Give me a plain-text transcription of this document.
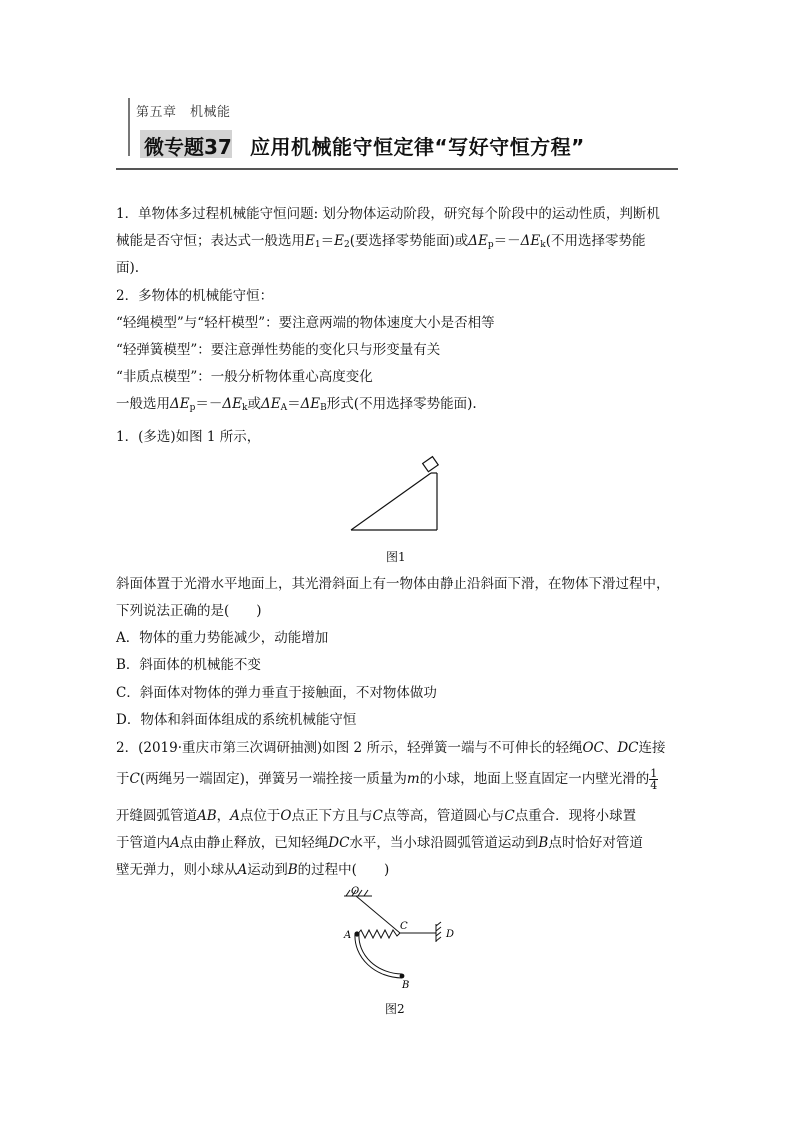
第五章　机械能
微专题37 应用机械能守恒定律“写好守恒方程”
1．单物体多过程机械能守恒问题: 划分物体运动阶段，研究每个阶段中的运动性质，判断机
械能是否守恒；表达式一般选用$E_1=E_2$(要选择零势能面)或$\Delta E_p=-\Delta E_k$(不用选择零势能
面).
2．多物体的机械能守恒：
“轻绳模型”与“轻杆模型”：要注意两端的物体速度大小是否相等
“轻弹簧模型”：要注意弹性势能的变化只与形变量有关
“非质点模型”：一般分析物体重心高度变化
一般选用$\Delta E_p=-\Delta E_k$或$\Delta E_A=\Delta E_B$形式(不用选择零势能面).
1．(多选)如图 1 所示，
图1
斜面体置于光滑水平地面上，其光滑斜面上有一物体由静止沿斜面下滑，在物体下滑过程中，
下列说法正确的是(　　)
A．物体的重力势能减少，动能增加
B．斜面体的机械能不变
C．斜面体对物体的弹力垂直于接触面，不对物体做功
D．物体和斜面体组成的系统机械能守恒
2．(2019·重庆市第三次调研抽测)如图 2 所示，轻弹簧一端与不可伸长的轻绳OC、DC连接
于C(两绳另一端固定)，弹簧另一端拴接一质量为m的小球，地面上竖直固定一内壁光滑的 $\frac{1}{4}$
开缝圆弧管道AB，A点位于O点正下方且与C点等高，管道圆心与C点重合．现将小球置
于管道内A点由静止释放，已知轻绳DC水平，当小球沿圆弧管道运动到B点时恰好对管道
壁无弹力，则小球从A运动到B的过程中(　　)
O
A
C
D
B
图2
